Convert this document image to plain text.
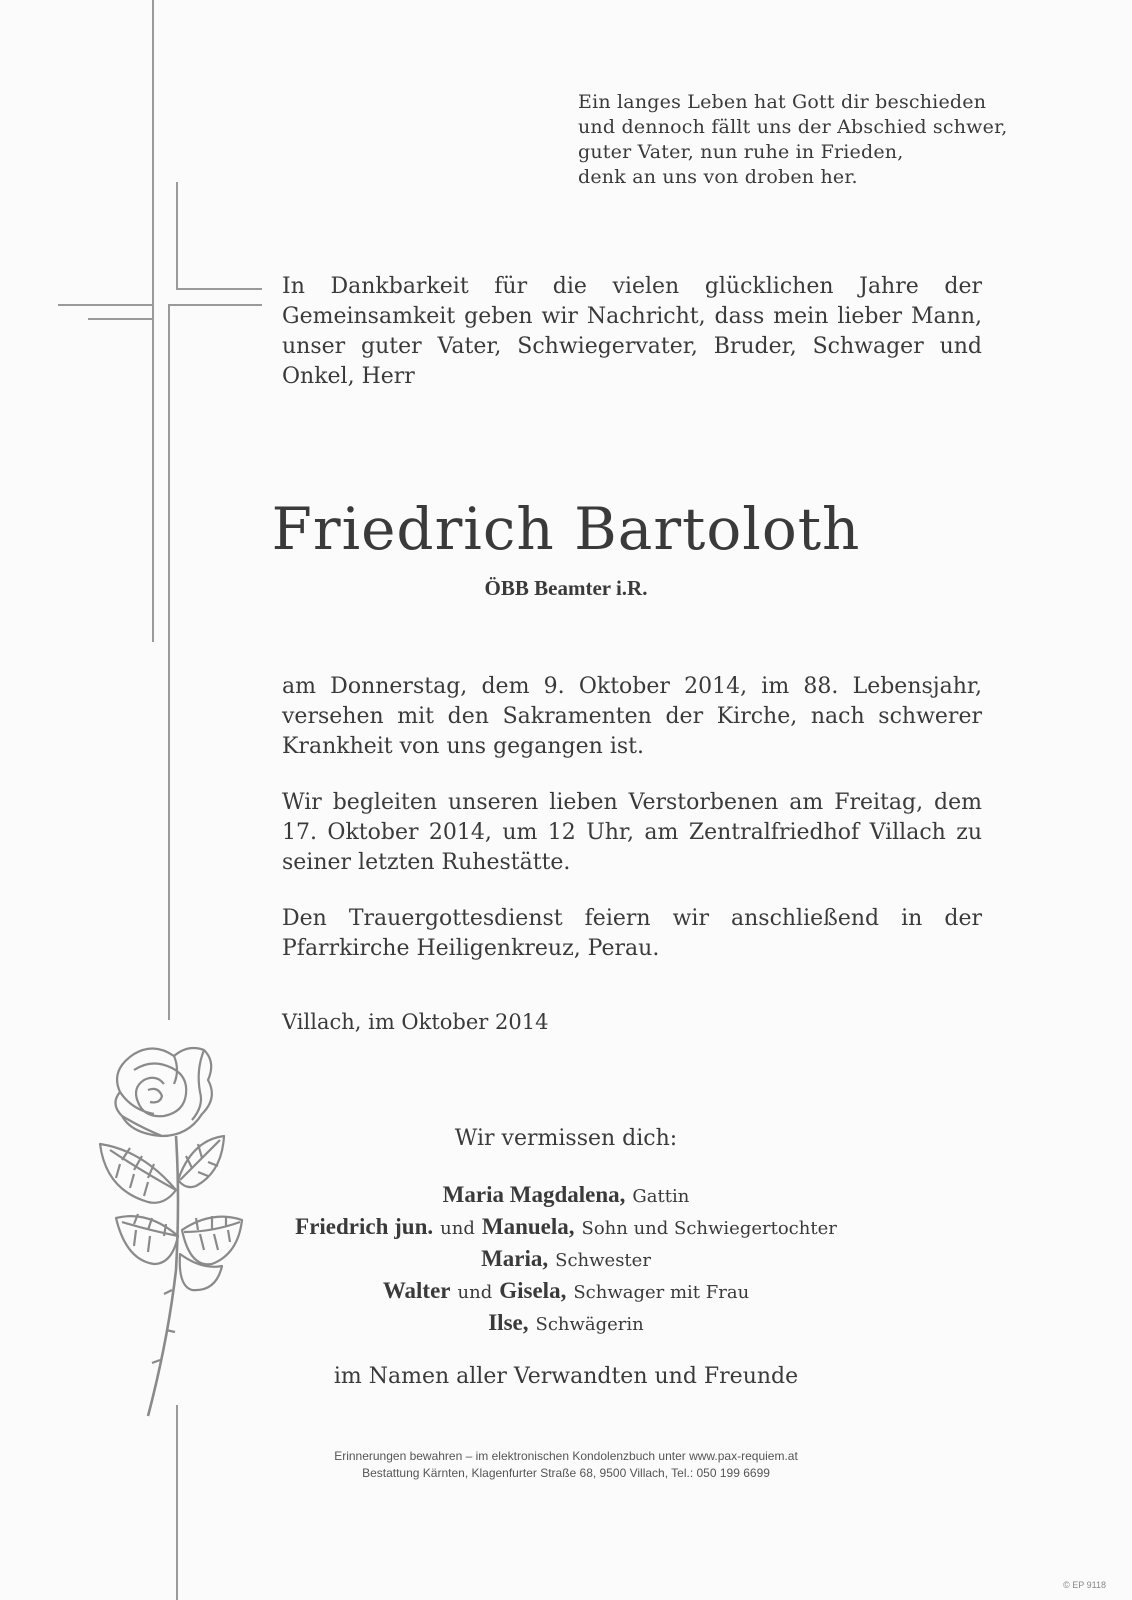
Ein langes Leben hat Gott dir beschieden
und dennoch fällt uns der Abschied schwer,
guter Vater, nun ruhe in Frieden,
denk an uns von droben her.
In Dankbarkeit für die vielen glücklichen Jahre der Gemeinsamkeit geben wir Nachricht, dass mein lieber Mann, unser guter Vater, Schwiegervater, Bruder, Schwager und Onkel, Herr
Friedrich Bartoloth
ÖBB Beamter i.R.
am Donnerstag, dem 9. Oktober 2014, im 88. Lebensjahr, versehen mit den Sakramenten der Kirche, nach schwerer Krankheit von uns gegangen ist.
Wir begleiten unseren lieben Verstorbenen am Freitag, dem 17. Oktober 2014, um 12 Uhr, am Zentralfriedhof Villach zu seiner letzten Ruhestätte.
Den Trauergottesdienst feiern wir anschließend in der Pfarrkirche Heiligenkreuz, Perau.
Villach, im Oktober 2014
Wir vermissen dich:
Maria Magdalena, Gattin
Friedrich jun. und Manuela, Sohn und Schwiegertochter
Maria, Schwester
Walter und Gisela, Schwager mit Frau
Ilse, Schwägerin
im Namen aller Verwandten und Freunde
Erinnerungen bewahren – im elektronischen Kondolenzbuch unter www.pax-requiem.at
Bestattung Kärnten, Klagenfurter Straße 68, 9500 Villach, Tel.: 050 199 6699
© EP 9118
